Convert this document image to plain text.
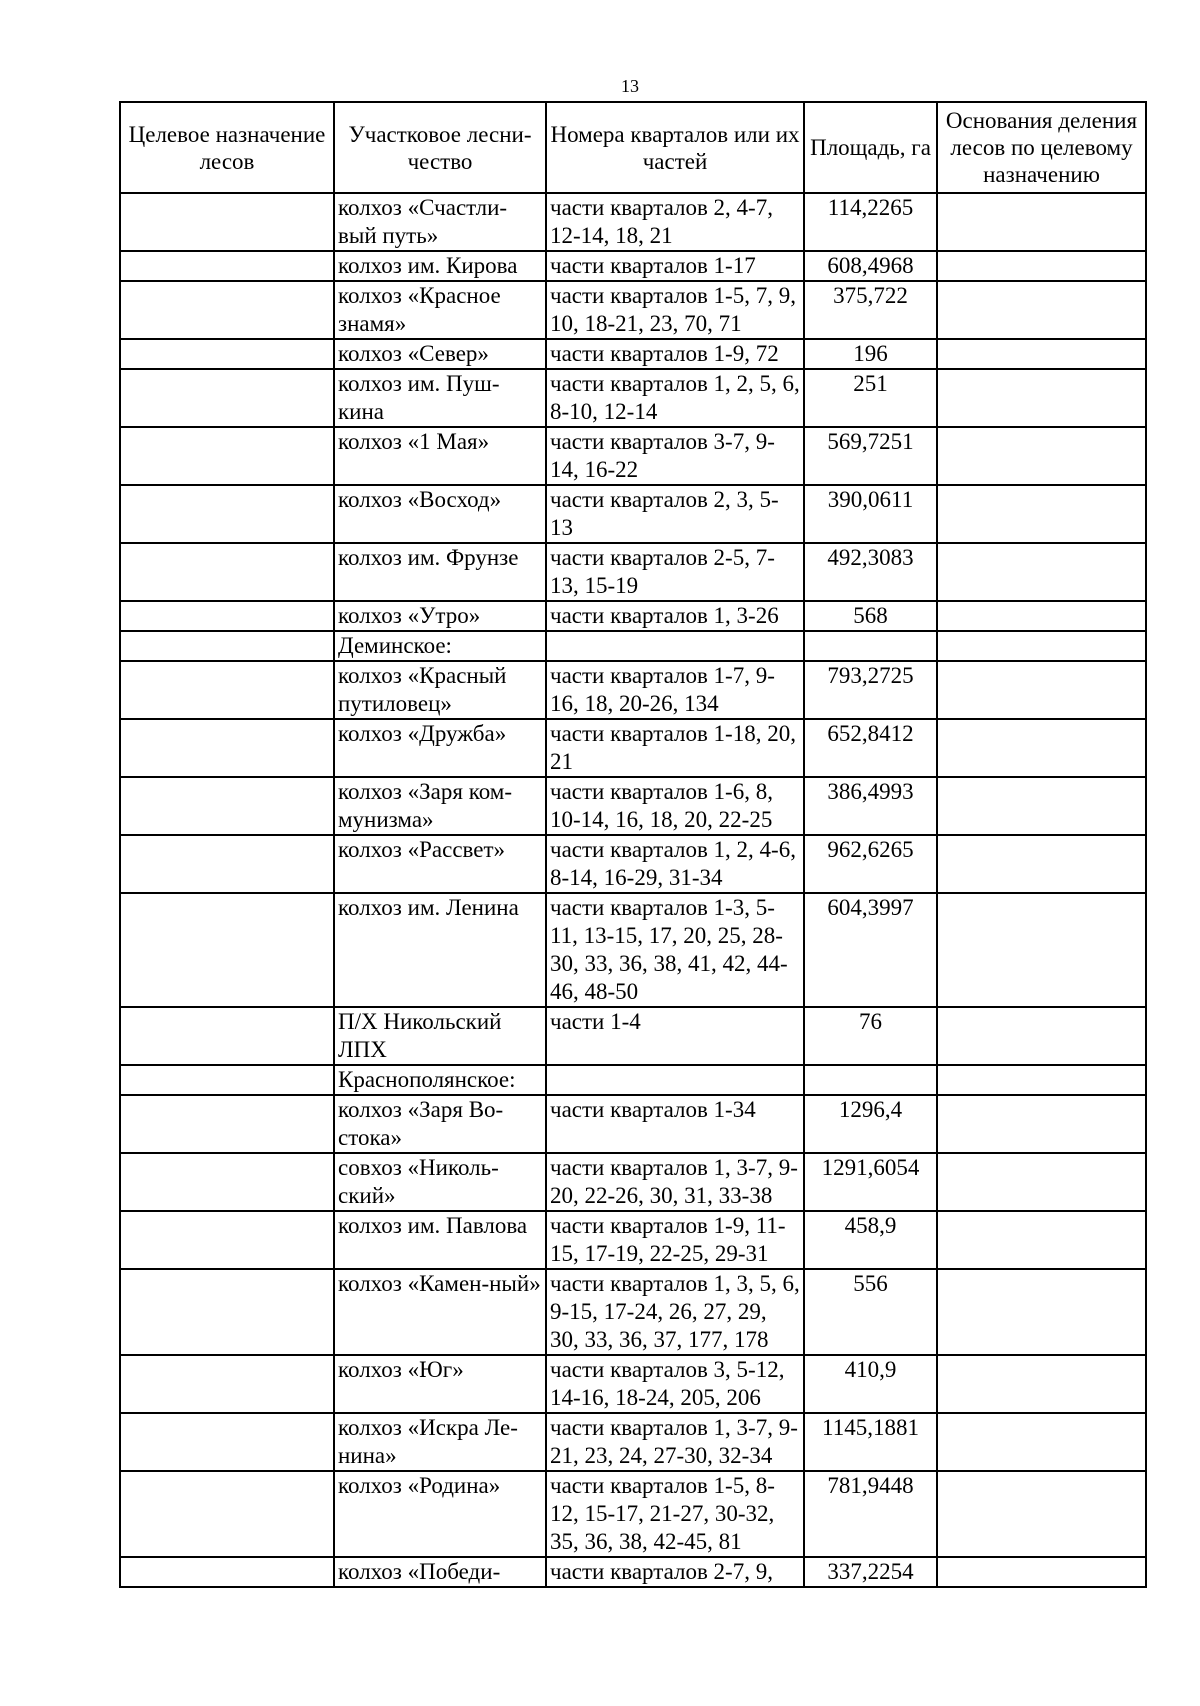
13
Целевое назначение лесов	Участковое лесни-чество	Номера кварталов или их частей	Площадь, га	Основания деления лесов по целевому назначению
	колхоз «Счастли-вый путь»	части кварталов 2, 4-7, 12-14, 18, 21	114,2265	
	колхоз им. Кирова	части кварталов 1-17	608,4968	
	колхоз «Красное знамя»	части кварталов 1-5, 7, 9, 10, 18-21, 23, 70, 71	375,722	
	колхоз «Север»	части кварталов 1-9, 72	196	
	колхоз им. Пуш-кина	части кварталов 1, 2, 5, 6, 8-10, 12-14	251	
	колхоз «1 Мая»	части кварталов 3-7, 9-14, 16-22	569,7251	
	колхоз «Восход»	части кварталов 2, 3, 5-13	390,0611	
	колхоз им. Фрунзе	части кварталов 2-5, 7-13, 15-19	492,3083	
	колхоз «Утро»	части кварталов 1, 3-26	568	
	Деминское:			
	колхоз «Красный путиловец»	части кварталов 1-7, 9-16, 18, 20-26, 134	793,2725	
	колхоз «Дружба»	части кварталов 1-18, 20, 21	652,8412	
	колхоз «Заря ком-мунизма»	части кварталов 1-6, 8, 10-14, 16, 18, 20, 22-25	386,4993	
	колхоз «Рассвет»	части кварталов 1, 2, 4-6, 8-14, 16-29, 31-34	962,6265	
	колхоз им. Ленина	части кварталов 1-3, 5-11, 13-15, 17, 20, 25, 28-30, 33, 36, 38, 41, 42, 44-46, 48-50	604,3997	
	П/Х Никольский ЛПХ	части 1-4	76	
	Краснополянское:			
	колхоз «Заря Во-стока»	части кварталов 1-34	1296,4	
	совхоз «Николь-ский»	части кварталов 1, 3-7, 9-20, 22-26, 30, 31, 33-38	1291,6054	
	колхоз им. Павлова	части кварталов 1-9, 11-15, 17-19, 22-25, 29-31	458,9	
	колхоз «Камен-ный»	части кварталов 1, 3, 5, 6, 9-15, 17-24, 26, 27, 29, 30, 33, 36, 37, 177, 178	556	
	колхоз «Юг»	части кварталов 3, 5-12, 14-16, 18-24, 205, 206	410,9	
	колхоз «Искра Ле-нина»	части кварталов 1, 3-7, 9-21, 23, 24, 27-30, 32-34	1145,1881	
	колхоз «Родина»	части кварталов 1-5, 8-12, 15-17, 21-27, 30-32, 35, 36, 38, 42-45, 81	781,9448	
	колхоз «Победи-	части кварталов 2-7, 9,	337,2254	
